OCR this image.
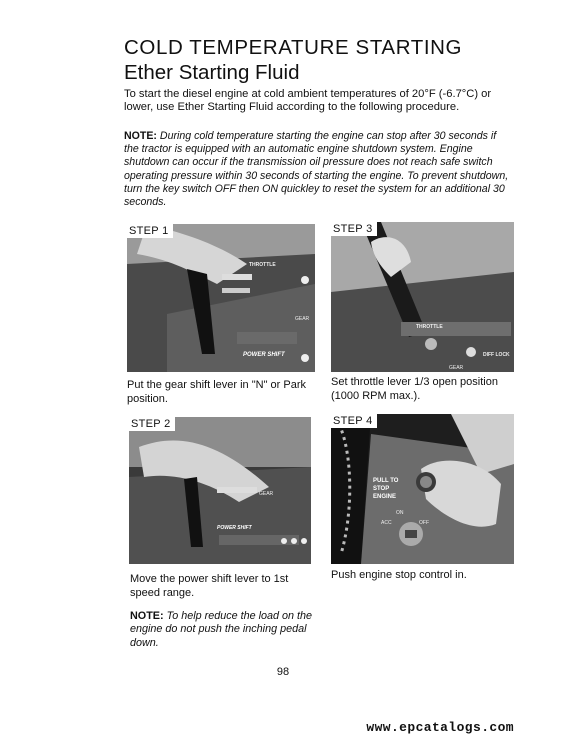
COLD TEMPERATURE STARTING
Ether Starting Fluid
To start the diesel engine at cold ambient temperatures of 20°F (-6.7°C) or lower, use Ether Starting Fluid according to the following procedure.
NOTE: During cold temperature starting the engine can stop after 30 seconds if the tractor is equipped with an automatic engine shutdown system. Engine shutdown can occur if the transmission oil pressure does not reach safe switch operating pressure within 30 seconds of starting the engine. To prevent shutdown, turn the key switch OFF then ON quickley to reset the system for an additional 30 seconds.
THROTTLE
GEAR
POWER SHIFT
STEP 1
Put the gear shift lever in "N" or Park position.
THROTTLE
DIFF LOCK
GEAR
STEP 3
Set throttle lever 1/3 open position (1000 RPM max.).
GEAR
POWER SHIFT
STEP 2
Move the power shift lever to 1st speed range.
PULL TO
STOP
ENGINE
ON
ACC	OFF
STEP 4
Push engine stop control in.
NOTE: To help reduce the load on the engine do not push the inching pedal down.
98
www.epcatalogs.com
